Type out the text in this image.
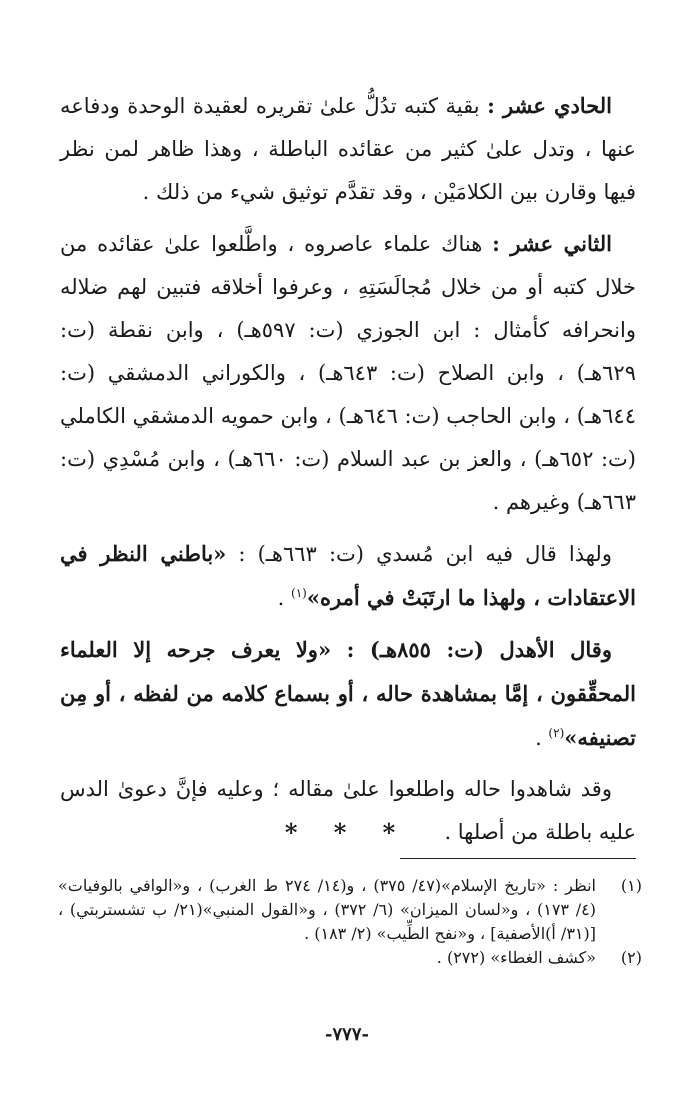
الحادي عشر : بقية كتبه تدُلُّ علىٰ تقريره لعقيدة الوحدة ودفاعه عنها ، وتدل علىٰ كثير من عقائده الباطلة ، وهذا ظاهر لمن نظر فيها وقارن بين الكلامَيْن ، وقد تقدَّم توثيق شيء من ذلك .

الثاني عشر : هناك علماء عاصروه ، واطَّلعوا علىٰ عقائده من خلال كتبه أو من خلال مُجالَسَتِهِ ، وعرفوا أخلاقه فتبين لهم ضلاله وانحرافه كأمثال : ابن الجوزي (ت: ٥٩٧هـ) ، وابن نقطة (ت: ٦٢٩هـ) ، وابن الصلاح (ت: ٦٤٣هـ) ، والكوراني الدمشقي (ت: ٦٤٤هـ) ، وابن الحاجب (ت: ٦٤٦هـ) ، وابن حمويه الدمشقي الكاملي (ت: ٦٥٢هـ) ، والعز بن عبد السلام (ت: ٦٦٠هـ) ، وابن مُسْدِي (ت: ٦٦٣هـ) وغيرهم .

ولهذا قال فيه ابن مُسدي (ت: ٦٦٣هـ) : «باطني النظر في الاعتقادات ، ولهذا ما ارتَبَتْ في أمره»$^{(١)}$ .

وقال الأهدل (ت: ٨٥٥هـ) : «ولا يعرف جرحه إلا العلماء المحقِّقون ، إمَّا بمشاهدة حاله ، أو بسماع كلامه من لفظه ، أو مِن تصنيفه»$^{(٢)}$ .

وقد شاهدوا حاله واطلعوا علىٰ مقاله ؛ وعليه فإنَّ دعوىٰ الدس عليه باطلة من أصلها .

* * *
(١)
انظر : «تاريخ الإسلام»(٤٧/ ٣٧٥) ، و(١٤/ ٢٧٤ ط الغرب) ، و«الوافي بالوفيات» (٤/ ١٧٣) ، و«لسان الميزان» (٦/ ٣٧٢) ، و«القول المنبي»(٢١/ ب تشستربتي) ، [(٣١/ أ)الأصفية] ، و«نفح الطِّيب» (٢/ ١٨٣) .
(٢)
«كشف الغطاء» (٢٧٢) .
-٧٧٧-
